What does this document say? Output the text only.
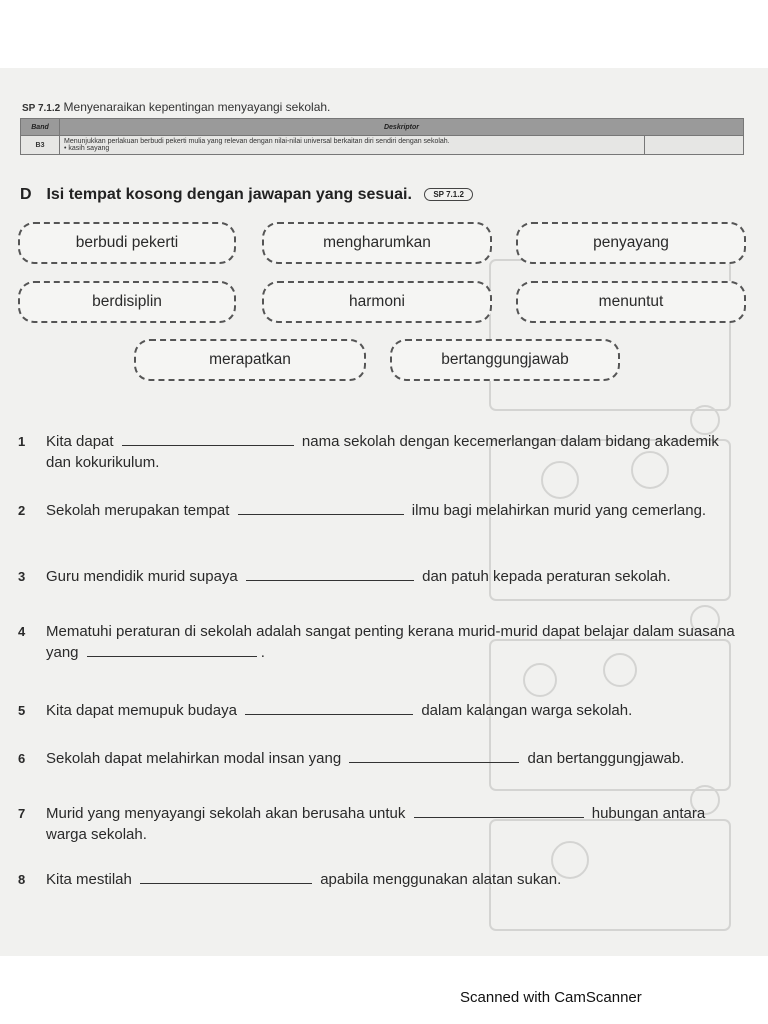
SP 7.1.2 Menyenaraikan kepentingan menyayangi sekolah.
Band	Deskriptor	
B3	Menunjukkan perlakuan berbudi pekerti mulia yang relevan dengan nilai-nilai universal berkaitan diri sendiri dengan sekolah.
• kasih sayang	

D Isi tempat kosong dengan jawapan yang sesuai.	SP 7.1.2
berbudi pekerti	mengharumkan	penyayang
berdisiplin	harmoni	menuntut
merapatkan	bertanggungjawab
1 Kita dapat	nama sekolah dengan kecemerlangan dalam bidang akademik dan kokurikulum.
2 Sekolah merupakan tempat	ilmu bagi melahirkan murid yang cemerlang.
3 Guru mendidik murid supaya	dan patuh kepada peraturan sekolah.
4 Mematuhi peraturan di sekolah adalah sangat penting kerana murid-murid dapat belajar dalam suasana yang	.
5 Kita dapat memupuk budaya	dalam kalangan warga sekolah.
6 Sekolah dapat melahirkan modal insan yang	dan bertanggungjawab.
7 Murid yang menyayangi sekolah akan berusaha untuk	hubungan antara warga sekolah.
8 Kita mestilah	apabila menggunakan alatan sukan.
Scanned with CamScanner
